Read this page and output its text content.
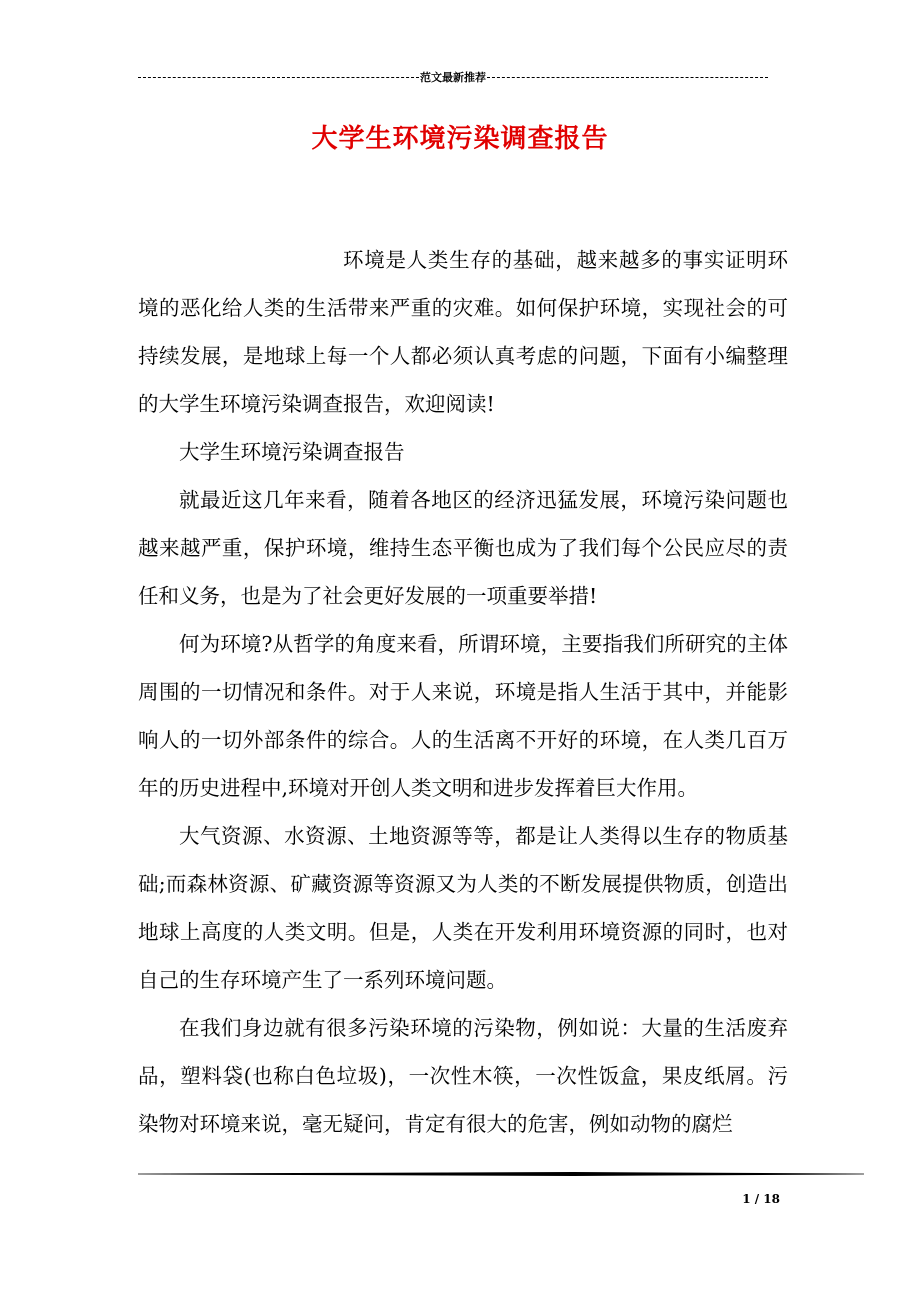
范文最新推荐
大学生环境污染调查报告

环境是人类生存的基础，越来越多的事实证明环境的恶化给人类的生活带来严重的灾难。如何保护环境，实现社会的可持续发展，是地球上每一个人都必须认真考虑的问题，下面有小编整理的大学生环境污染调查报告，欢迎阅读!

大学生环境污染调查报告

就最近这几年来看，随着各地区的经济迅猛发展，环境污染问题也越来越严重，保护环境，维持生态平衡也成为了我们每个公民应尽的责任和义务，也是为了社会更好发展的一项重要举措!

何为环境?从哲学的角度来看，所谓环境，主要指我们所研究的主体周围的一切情况和条件。对于人来说，环境是指人生活于其中，并能影响人的一切外部条件的综合。人的生活离不开好的环境，在人类几百万年的历史进程中,环境对开创人类文明和进步发挥着巨大作用。

大气资源、水资源、土地资源等等，都是让人类得以生存的物质基础;而森林资源、矿藏资源等资源又为人类的不断发展提供物质，创造出地球上高度的人类文明。但是，人类在开发利用环境资源的同时，也对自己的生存环境产生了一系列环境问题。

在我们身边就有很多污染环境的污染物，例如说：大量的生活废弃品，塑料袋(也称白色垃圾)，一次性木筷，一次性饭盒，果皮纸屑。污染物对环境来说，毫无疑问，肯定有很大的危害，例如动物的腐烂

1 / 18
